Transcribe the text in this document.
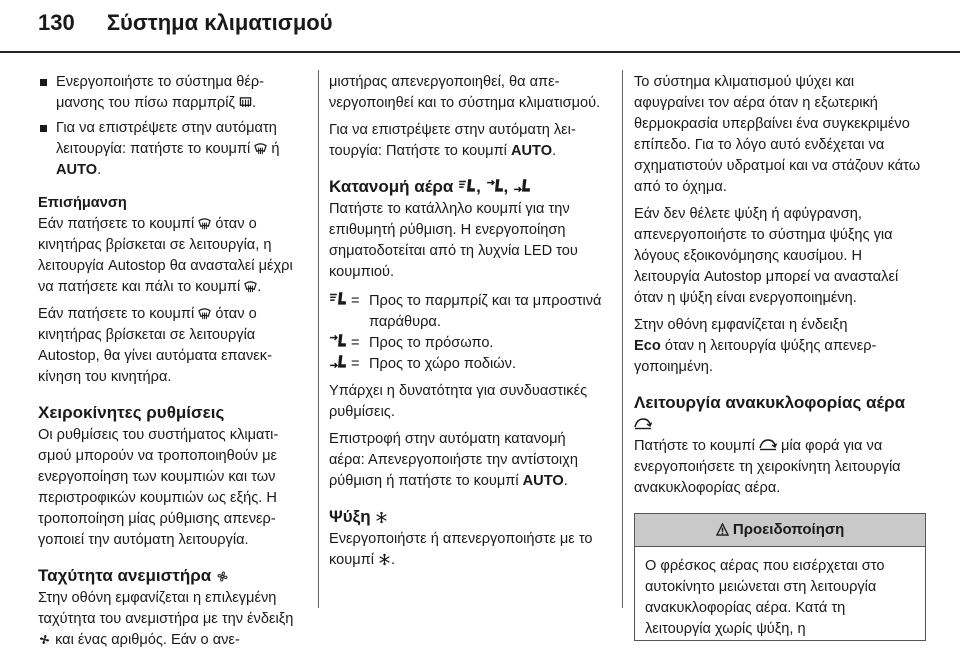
130 Σύστημα κλιματισμού
Ενεργοποιήστε το σύστημα θέρμανσης του πίσω παρμπρίζ .
Για να επιστρέψετε στην αυτόματη λειτουργία: πατήστε το κουμπί ή
AUTO.
Επισήμανση

Εάν πατήσετε το κουμπί όταν ο κινητήρας βρίσκεται σε λειτουργία, η λειτουργία Autostop θα ανασταλεί μέχρι να πατήσετε και πάλι το κουμπί .

Εάν πατήσετε το κουμπί όταν ο κινητήρας βρίσκεται σε λειτουργία Autostop, θα γίνει αυτόματα επανεκκίνηση του κινητήρα.

Χειροκίνητες ρυθμίσεις

Οι ρυθμίσεις του συστήματος κλιματισμού μπορούν να τροποποιηθούν με ενεργοποίηση των κουμπιών και των περιστροφικών κουμπιών ως εξής. Η τροποποίηση μίας ρύθμισης απενεργοποιεί την αυτόματη λειτουργία.

Ταχύτητα ανεμιστήρα

Στην οθόνη εμφανίζεται η επιλεγμένη ταχύτητα του ανεμιστήρα με την ένδειξη
και ένας αριθμός. Εάν ο ανε-

μιστήρας απενεργοποιηθεί, θα απενεργοποιηθεί και το σύστημα κλιματισμού.

Για να επιστρέψετε στην αυτόματη λειτουργία: Πατήστε το κουμπί AUTO.

Κατανομή αέρα ,
,

Πατήστε το κατάλληλο κουμπί για την επιθυμητή ρύθμιση. Η ενεργοποίηση σηματοδοτείται από τη λυχνία LED του κουμπιού.

= Προς το παρμπρίζ και τα μπροστινά παράθυρα.
= Προς το πρόσωπο.
= Προς το χώρο ποδιών.

Υπάρχει η δυνατότητα για συνδυαστικές ρυθμίσεις.

Επιστροφή στην αυτόματη κατανομή αέρα: Απενεργοποιήστε την αντίστοιχη ρύθμιση ή πατήστε το κουμπί AUTO.

Ψύξη

Ενεργοποιήστε ή απενεργοποιήστε με το κουμπί .

Το σύστημα κλιματισμού ψύχει και αφυγραίνει τον αέρα όταν η εξωτερική θερμοκρασία υπερβαίνει ένα συγκεκριμένο επίπεδο. Για το λόγο αυτό ενδέχεται να σχηματιστούν υδρατμοί και να στάζουν κάτω από το όχημα.

Εάν δεν θέλετε ψύξη ή αφύγρανση, απενεργοποιήστε το σύστημα ψύξης για λόγους εξοικονόμησης καυσίμου. Η λειτουργία Autostop μπορεί να ανασταλεί όταν η ψύξη είναι ενεργοποιημένη.

Στην οθόνη εμφανίζεται η ένδειξη
Eco όταν η λειτουργία ψύξης απενεργοποιημένη.

Λειτουργία ανακυκλοφορίας αέρα

Πατήστε το κουμπί μία φορά για να ενεργοποιήσετε τη χειροκίνητη λειτουργία ανακυκλοφορίας αέρα.

Προειδοποίηση
Ο φρέσκος αέρας που εισέρχεται στο αυτοκίνητο μειώνεται στη λειτουργία ανακυκλοφορίας αέρα. Κατά τη λειτουργία χωρίς ψύξη, η
